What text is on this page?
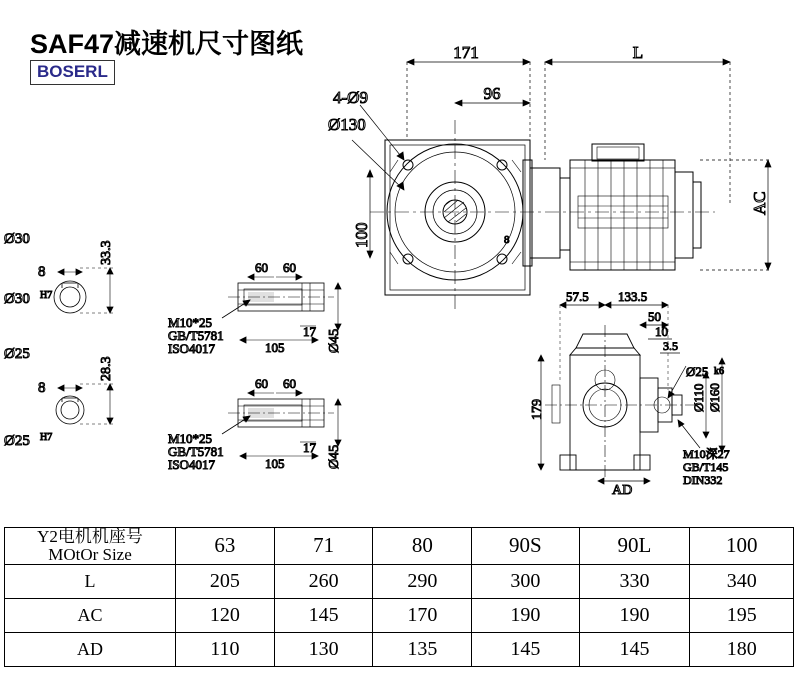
SAF47减速机尺寸图纸
BOSERL
171	L
96
4-Ø9
Ø130
100
AC
8
Ø30
8
33.3
Ø30 H7
Ø25
8
28.3
Ø25 H7
60 60
17
105	Ø45
M10*25
GB/T5781
ISO4017
60 60
17
105	Ø45
M10*25
GB/T5781
ISO4017
57.5 133.5
50
10
3.5
179
AD
Ø25 k6
Ø110 Ø160
M10深27
GB/T145
DIN332
Y2电机机座号
MOtOr Size	63	71	80	90S	90L	100
L	205	260	290	300	330	340
AC	120	145	170	190	190	195
AD	110	130	135	145	145	180
